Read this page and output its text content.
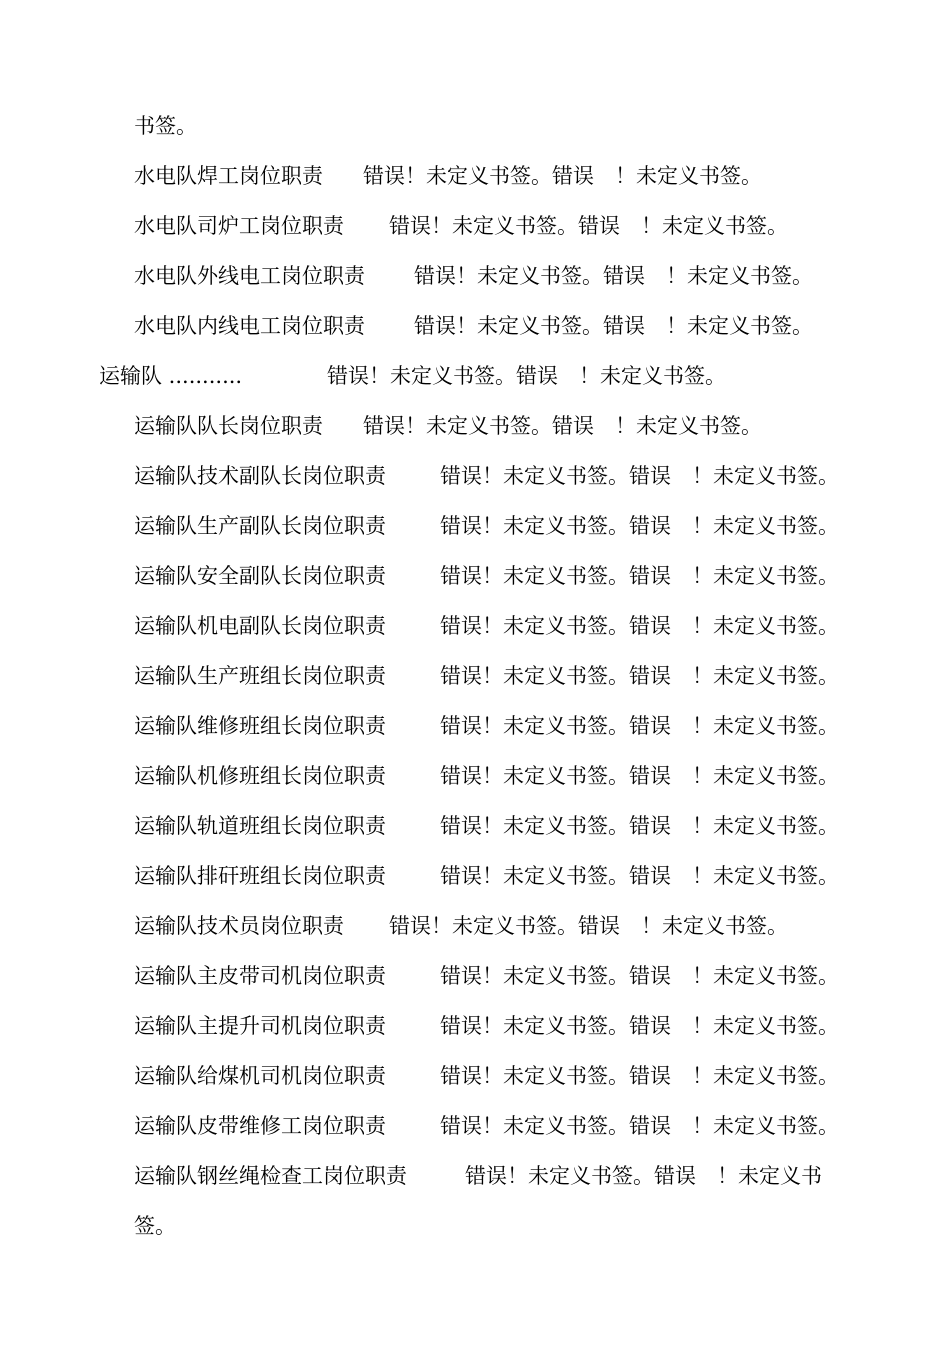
书签。
水电队焊工岗位职责 错误！未定义书签。错误　！未定义书签。
水电队司炉工岗位职责 错误！未定义书签。错误　！未定义书签。
水电队外线电工岗位职责 错误！未定义书签。错误　！未定义书签。
水电队内线电工岗位职责 错误！未定义书签。错误　！未定义书签。
运输队 ...........	错误！未定义书签。错误　！未定义书签。
运输队队长岗位职责 错误！未定义书签。错误　！未定义书签。
运输队技术副队长岗位职责	错误！未定义书签。错误　！未定义书签。
运输队生产副队长岗位职责	错误！未定义书签。错误　！未定义书签。
运输队安全副队长岗位职责	错误！未定义书签。错误　！未定义书签。
运输队机电副队长岗位职责	错误！未定义书签。错误　！未定义书签。
运输队生产班组长岗位职责	错误！未定义书签。错误　！未定义书签。
运输队维修班组长岗位职责	错误！未定义书签。错误　！未定义书签。
运输队机修班组长岗位职责	错误！未定义书签。错误　！未定义书签。
运输队轨道班组长岗位职责	错误！未定义书签。错误　！未定义书签。
运输队排矸班组长岗位职责	错误！未定义书签。错误　！未定义书签。
运输队技术员岗位职责 错误！未定义书签。错误　！未定义书签。
运输队主皮带司机岗位职责	错误！未定义书签。错误　！未定义书签。
运输队主提升司机岗位职责	错误！未定义书签。错误　！未定义书签。
运输队给煤机司机岗位职责	错误！未定义书签。错误　！未定义书签。
运输队皮带维修工岗位职责	错误！未定义书签。错误　！未定义书签。
运输队钢丝绳检查工岗位职责	错误！未定义书签。错误　！未定义书
签。
